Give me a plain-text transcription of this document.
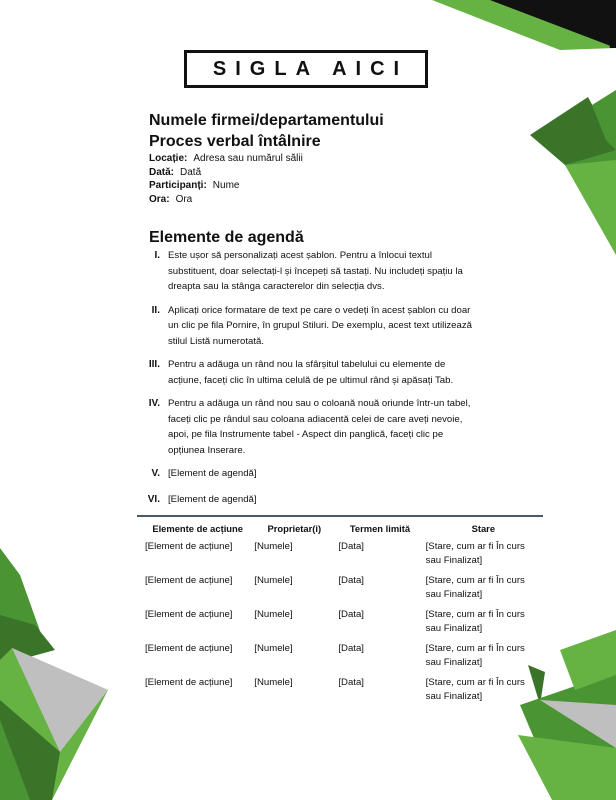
SIGLA AICI
Numele firmei/departamentului
Proces verbal întâlnire
Locație: Adresa sau numărul sălii
Dată: Dată
Participanți: Nume
Ora: Ora
Elemente de agendă
I. Este ușor să personalizați acest șablon. Pentru a înlocui textul substituent, doar selectați-l și începeți să tastați. Nu includeți spațiu la dreapta sau la stânga caracterelor din selecția dvs.
II. Aplicați orice formatare de text pe care o vedeți în acest șablon cu doar un clic pe fila Pornire, în grupul Stiluri. De exemplu, acest text utilizează stilul Listă numerotată.
III. Pentru a adăuga un rând nou la sfârșitul tabelului cu elemente de acțiune, faceți clic în ultima celulă de pe ultimul rând și apăsați Tab.
IV. Pentru a adăuga un rând nou sau o coloană nouă oriunde într-un tabel, faceți clic pe rândul sau coloana adiacentă celei de care aveți nevoie, apoi, pe fila Instrumente tabel - Aspect din panglică, faceți clic pe opțiunea Inserare.
V. [Element de agendă]
VI. [Element de agendă]
Elemente de acțiune	Proprietar(i)	Termen limită	Stare
[Element de acțiune]	[Numele]	[Data]	[Stare, cum ar fi În curs sau Finalizat]
[Element de acțiune]	[Numele]	[Data]	[Stare, cum ar fi În curs sau Finalizat]
[Element de acțiune]	[Numele]	[Data]	[Stare, cum ar fi În curs sau Finalizat]
[Element de acțiune]	[Numele]	[Data]	[Stare, cum ar fi În curs sau Finalizat]
[Element de acțiune]	[Numele]	[Data]	[Stare, cum ar fi În curs sau Finalizat]
